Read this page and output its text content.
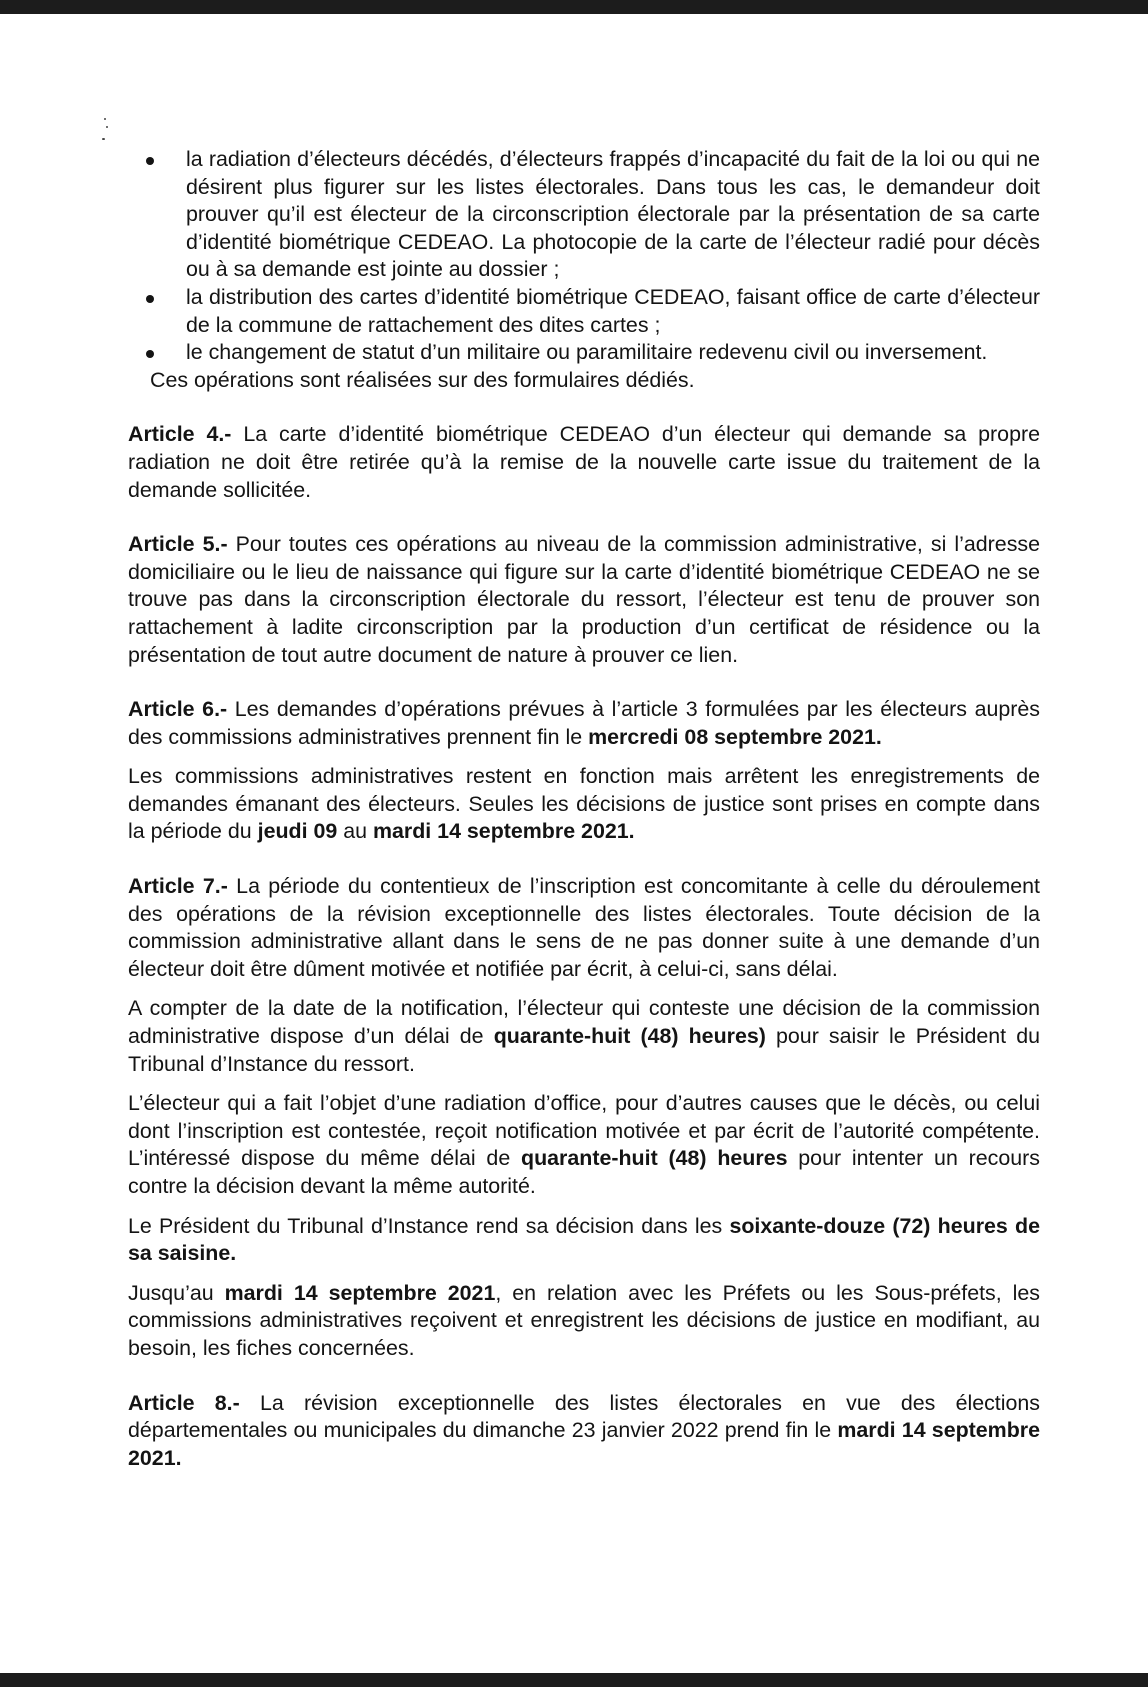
la radiation d’électeurs décédés, d’électeurs frappés d’incapacité du fait de la loi ou qui ne désirent plus figurer sur les listes électorales. Dans tous les cas, le demandeur doit prouver qu’il est électeur de la circonscription électorale par la présentation de sa carte d’identité biométrique CEDEAO. La photocopie de la carte de l’électeur radié pour décès ou à sa demande est jointe au dossier ;
la distribution des cartes d’identité biométrique CEDEAO, faisant office de carte d’électeur de la commune de rattachement des dites cartes ;
le changement de statut d’un militaire ou paramilitaire redevenu civil ou inversement.

Ces opérations sont réalisées sur des formulaires dédiés.

Article 4.- La carte d’identité biométrique CEDEAO d’un électeur qui demande sa propre radiation ne doit être retirée qu’à la remise de la nouvelle carte issue du traitement de la demande sollicitée.

Article 5.- Pour toutes ces opérations au niveau de la commission administrative, si l’adresse domiciliaire ou le lieu de naissance qui figure sur la carte d’identité biométrique CEDEAO ne se trouve pas dans la circonscription électorale du ressort, l’électeur est tenu de prouver son rattachement à ladite circonscription par la production d’un certificat de résidence ou la présentation de tout autre document de nature à prouver ce lien.

Article 6.- Les demandes d’opérations prévues à l’article 3 formulées par les électeurs auprès des commissions administratives prennent fin le mercredi 08 septembre 2021.

Les commissions administratives restent en fonction mais arrêtent les enregistrements de demandes émanant des électeurs. Seules les décisions de justice sont prises en compte dans la période du jeudi 09 au mardi 14 septembre 2021.

Article 7.- La période du contentieux de l’inscription est concomitante à celle du déroulement des opérations de la révision exceptionnelle des listes électorales. Toute décision de la commission administrative allant dans le sens de ne pas donner suite à une demande d’un électeur doit être dûment motivée et notifiée par écrit, à celui-ci, sans délai.

A compter de la date de la notification, l’électeur qui conteste une décision de la commission administrative dispose d’un délai de quarante-huit (48) heures) pour saisir le Président du Tribunal d’Instance du ressort.

L’électeur qui a fait l’objet d’une radiation d’office, pour d’autres causes que le décès, ou celui dont l’inscription est contestée, reçoit notification motivée et par écrit de l’autorité compétente. L’intéressé dispose du même délai de quarante-huit (48) heures pour intenter un recours contre la décision devant la même autorité.

Le Président du Tribunal d’Instance rend sa décision dans les soixante-douze (72) heures de sa saisine.

Jusqu’au mardi 14 septembre 2021, en relation avec les Préfets ou les Sous-préfets, les commissions administratives reçoivent et enregistrent les décisions de justice en modifiant, au besoin, les fiches concernées.

Article 8.- La révision exceptionnelle des listes électorales en vue des élections départementales ou municipales du dimanche 23 janvier 2022 prend fin le mardi 14 septembre 2021.
